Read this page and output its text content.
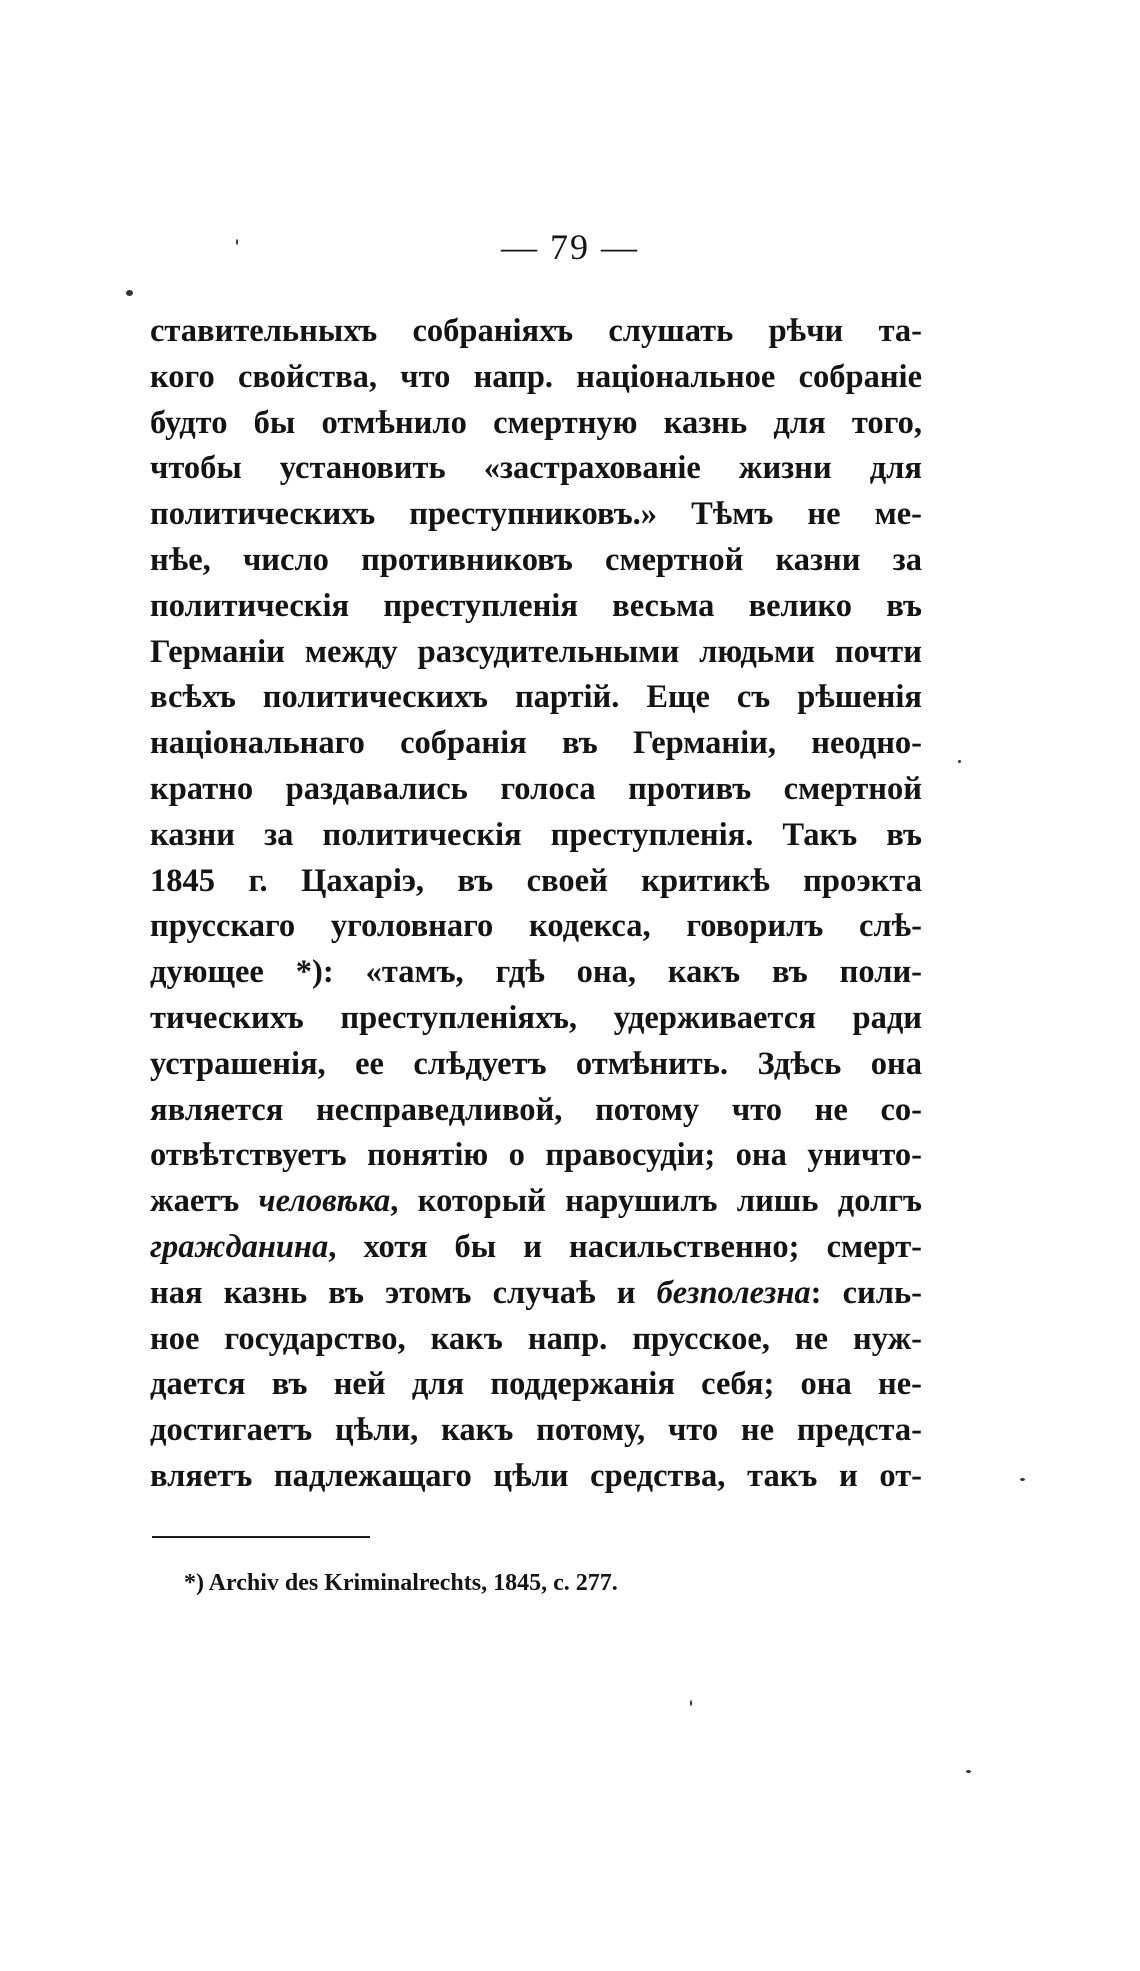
— 79 —
ставительныхъ собраніяхъ слушать рѣчи та-
кого свойства, что напр. національное собраніе
будто бы отмѣнило смертную казнь для того,
чтобы установить «застрахованіе жизни для
политическихъ преступниковъ.» Тѣмъ не ме-
нѣе, число противниковъ смертной казни за
политическія преступленія весьма велико въ
Германіи между разсудительными людьми почти
всѣхъ политическихъ партій. Еще съ рѣшенія
національнаго собранія въ Германіи, неодно-
кратно раздавались голоса противъ смертной
казни за политическія преступленія. Такъ въ
1845 г. Цахаріэ, въ своей критикѣ проэкта
прусскаго уголовнаго кодекса, говорилъ слѣ-
дующее *): «тамъ, гдѣ она, какъ въ поли-
тическихъ преступленіяхъ, удерживается ради
устрашенія, ее слѣдуетъ отмѣнить. Здѣсь она
является несправедливой, потому что не со-
отвѣтствуетъ понятію о правосудіи; она уничто-
жаетъ человѣка, который нарушилъ лишь долгъ
гражданина, хотя бы и насильственно; смерт-
ная казнь въ этомъ случаѣ и безполезна: силь-
ное государство, какъ напр. прусское, не нуж-
дается въ ней для поддержанія себя; она не-
достигаетъ цѣли, какъ потому, что не предста-
вляетъ падлежащаго цѣли средства, такъ и от-
*) Archiv des Kriminalrechts, 1845, с. 277.
